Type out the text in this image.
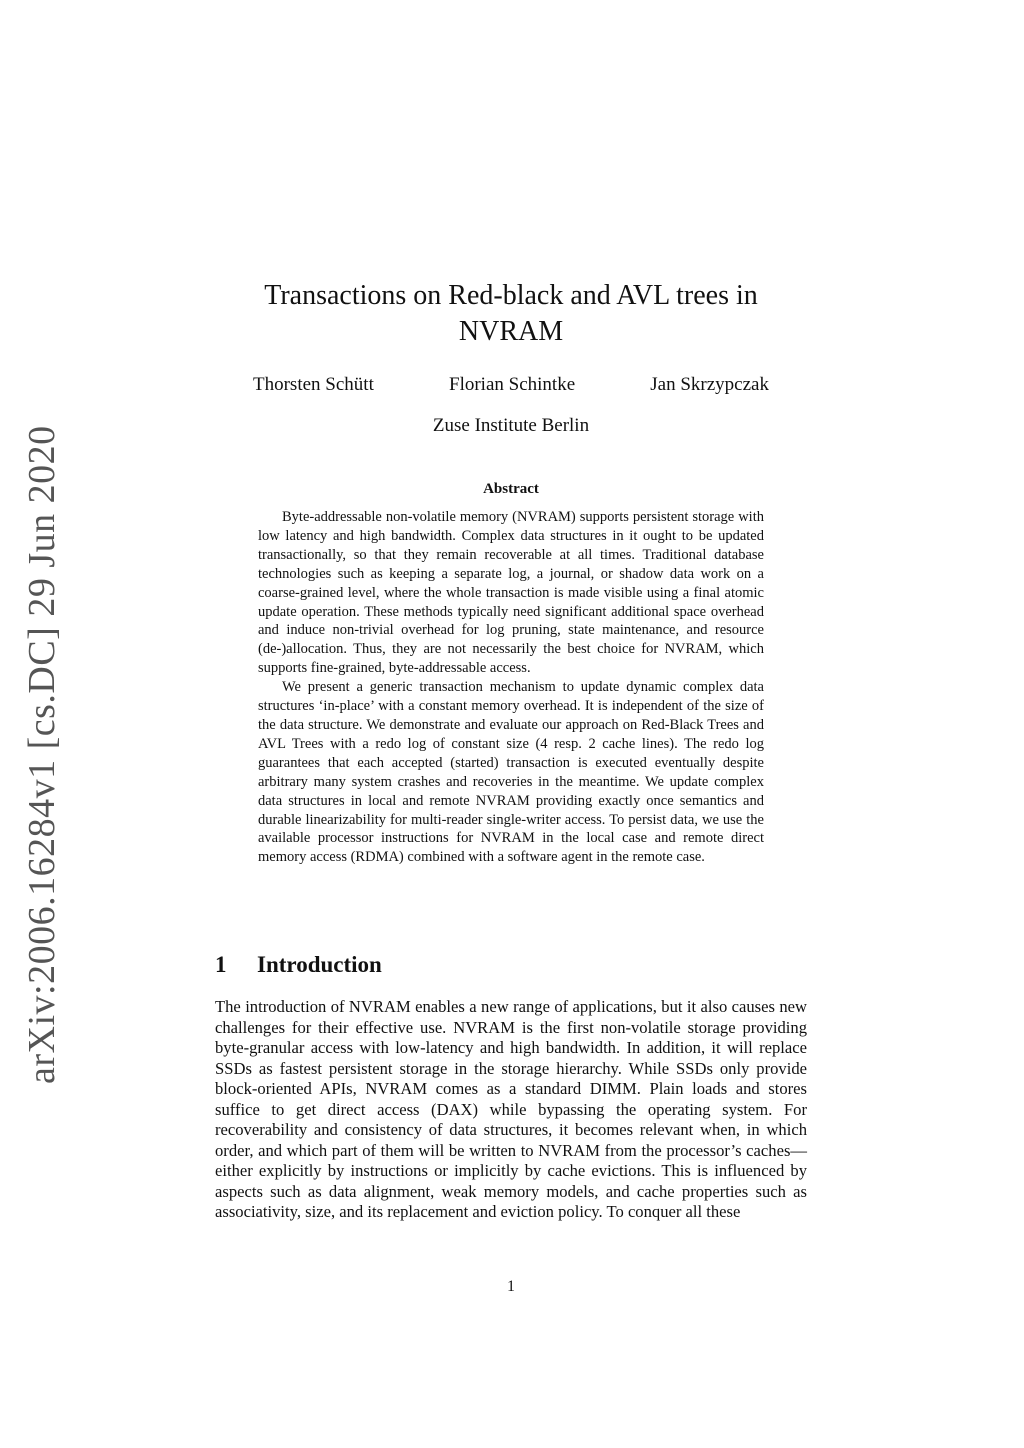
arXiv:2006.16284v1 [cs.DC] 29 Jun 2020
Transactions on Red-black and AVL trees in NVRAM
Thorsten Schütt	Florian Schintke	Jan Skrzypczak
Zuse Institute Berlin
Abstract

Byte-addressable non-volatile memory (NVRAM) supports persistent storage with low latency and high bandwidth. Complex data structures in it ought to be updated transactionally, so that they remain recoverable at all times. Traditional database technologies such as keeping a separate log, a journal, or shadow data work on a coarse-grained level, where the whole transaction is made visible using a final atomic update operation. These methods typically need significant additional space overhead and induce non-trivial overhead for log pruning, state maintenance, and resource (de-)allocation. Thus, they are not necessarily the best choice for NVRAM, which supports fine-grained, byte-addressable access.

We present a generic transaction mechanism to update dynamic complex data structures ‘in-place’ with a constant memory overhead. It is independent of the size of the data structure. We demonstrate and evaluate our approach on Red-Black Trees and AVL Trees with a redo log of constant size (4 resp. 2 cache lines). The redo log guarantees that each accepted (started) transaction is executed eventually despite arbitrary many system crashes and recoveries in the meantime. We update complex data structures in local and remote NVRAM providing exactly once semantics and durable linearizability for multi-reader single-writer access. To persist data, we use the available processor instructions for NVRAM in the local case and remote direct memory access (RDMA) combined with a software agent in the remote case.

1 Introduction

The introduction of NVRAM enables a new range of applications, but it also causes new challenges for their effective use. NVRAM is the first non-volatile storage providing byte-granular access with low-latency and high bandwidth. In addition, it will replace SSDs as fastest persistent storage in the storage hierarchy. While SSDs only provide block-oriented APIs, NVRAM comes as a standard DIMM. Plain loads and stores suffice to get direct access (DAX) while bypassing the operating system. For recoverability and consistency of data structures, it becomes relevant when, in which order, and which part of them will be written to NVRAM from the processor’s caches—either explicitly by instructions or implicitly by cache evictions. This is influenced by aspects such as data alignment, weak memory models, and cache properties such as associativity, size, and its replacement and eviction policy. To conquer all these

1
